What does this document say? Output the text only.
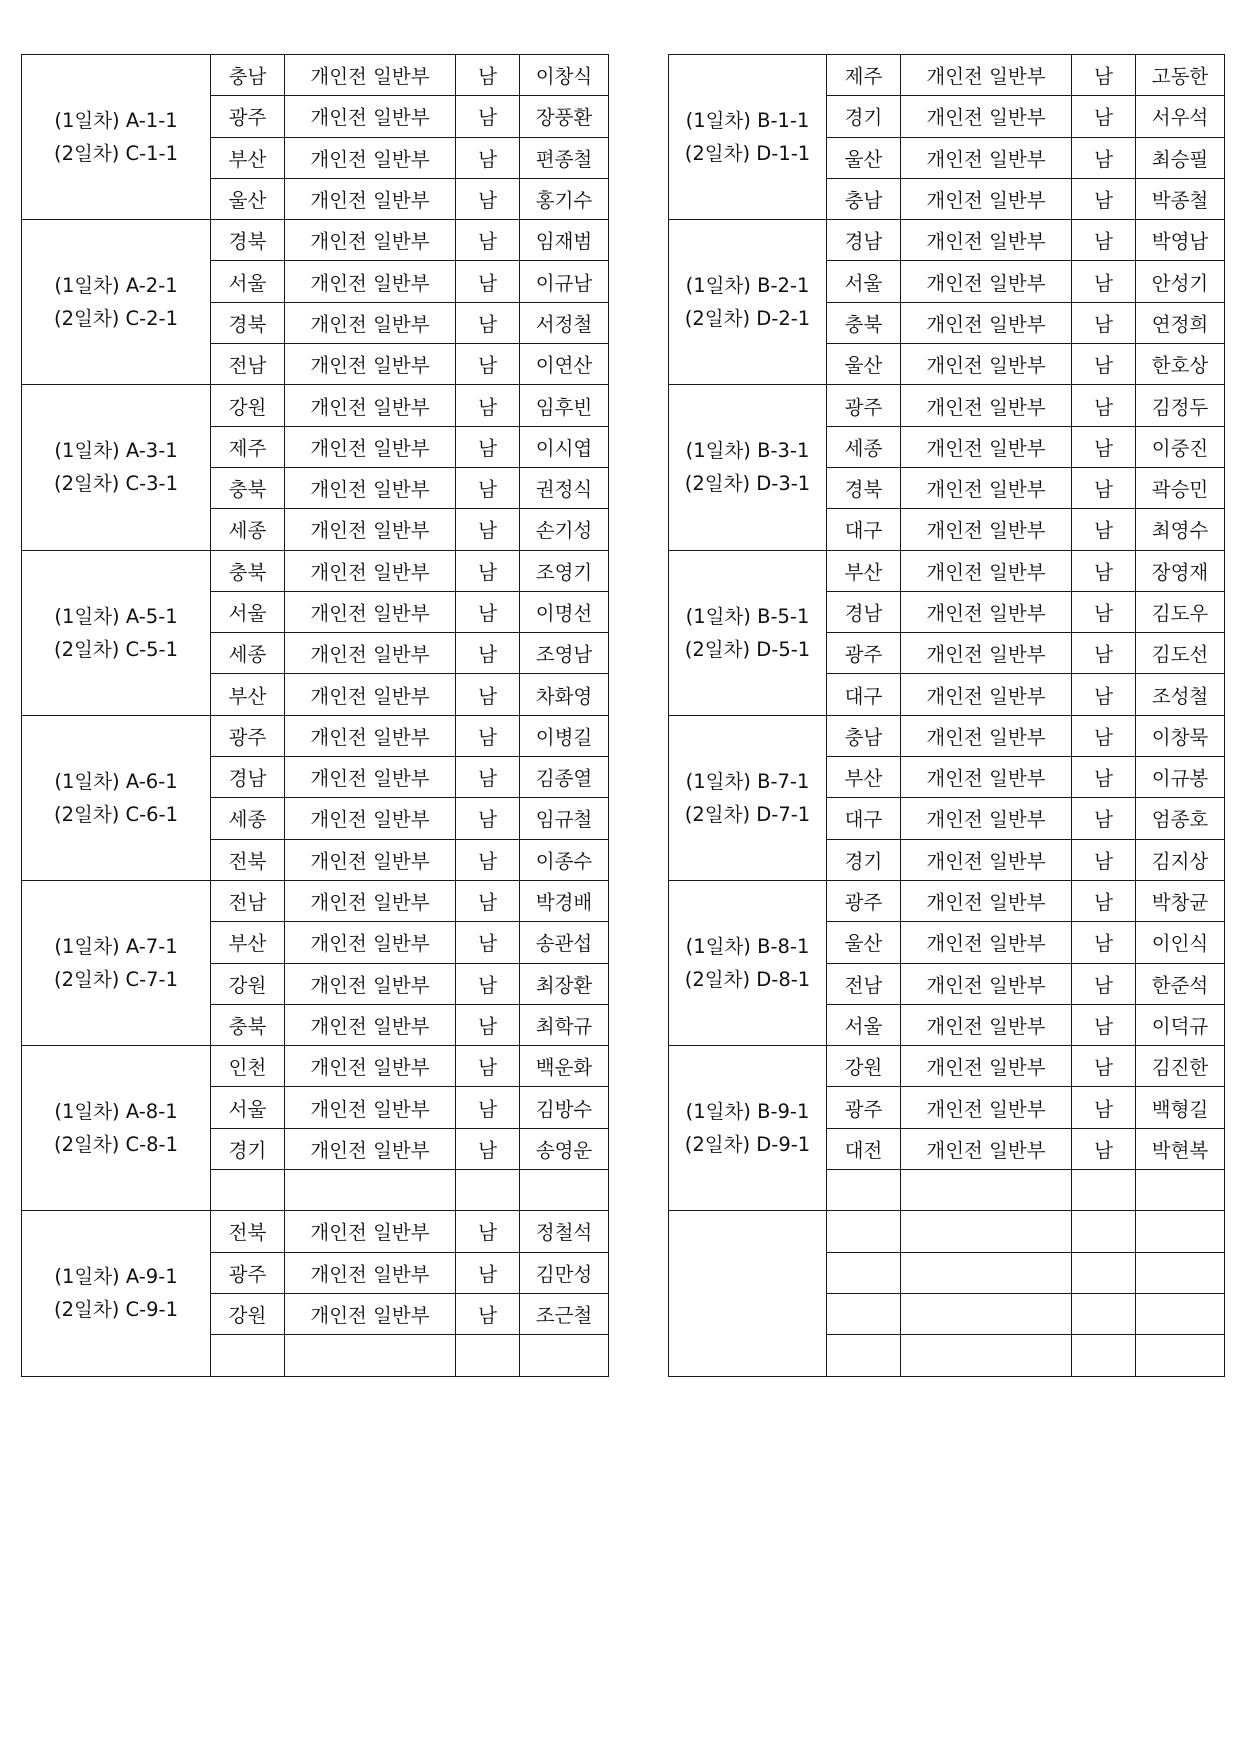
(1일차) A-1-1
(2일차) C-1-1	충남	개인전 일반부	남	이창식
	광주	개인전 일반부	남	장풍환
	부산	개인전 일반부	남	편종철
	울산	개인전 일반부	남	홍기수

(1일차) A-2-1
(2일차) C-2-1	경북	개인전 일반부	남	임재범
	서울	개인전 일반부	남	이규남
	경북	개인전 일반부	남	서정철
	전남	개인전 일반부	남	이연산

(1일차) A-3-1
(2일차) C-3-1	강원	개인전 일반부	남	임후빈
	제주	개인전 일반부	남	이시엽
	충북	개인전 일반부	남	권정식
	세종	개인전 일반부	남	손기성

(1일차) A-5-1
(2일차) C-5-1	충북	개인전 일반부	남	조영기
	서울	개인전 일반부	남	이명선
	세종	개인전 일반부	남	조영남
	부산	개인전 일반부	남	차화영

(1일차) A-6-1
(2일차) C-6-1	광주	개인전 일반부	남	이병길
	경남	개인전 일반부	남	김종열
	세종	개인전 일반부	남	임규철
	전북	개인전 일반부	남	이종수

(1일차) A-7-1
(2일차) C-7-1	전남	개인전 일반부	남	박경배
	부산	개인전 일반부	남	송관섭
	강원	개인전 일반부	남	최장환
	충북	개인전 일반부	남	최학규

(1일차) A-8-1
(2일차) C-8-1	인천	개인전 일반부	남	백운화
	서울	개인전 일반부	남	김방수
	경기	개인전 일반부	남	송영운

(1일차) A-9-1
(2일차) C-9-1	전북	개인전 일반부	남	정철석
	광주	개인전 일반부	남	김만성
	강원	개인전 일반부	남	조근철

(1일차) B-1-1
(2일차) D-1-1	제주	개인전 일반부	남	고동한
	경기	개인전 일반부	남	서우석
	울산	개인전 일반부	남	최승필
	충남	개인전 일반부	남	박종철

(1일차) B-2-1
(2일차) D-2-1	경남	개인전 일반부	남	박영남
	서울	개인전 일반부	남	안성기
	충북	개인전 일반부	남	연정희
	울산	개인전 일반부	남	한호상

(1일차) B-3-1
(2일차) D-3-1	광주	개인전 일반부	남	김정두
	세종	개인전 일반부	남	이중진
	경북	개인전 일반부	남	곽승민
	대구	개인전 일반부	남	최영수

(1일차) B-5-1
(2일차) D-5-1	부산	개인전 일반부	남	장영재
	경남	개인전 일반부	남	김도우
	광주	개인전 일반부	남	김도선
	대구	개인전 일반부	남	조성철

(1일차) B-7-1
(2일차) D-7-1	충남	개인전 일반부	남	이창묵
	부산	개인전 일반부	남	이규봉
	대구	개인전 일반부	남	엄종호
	경기	개인전 일반부	남	김지상

(1일차) B-8-1
(2일차) D-8-1	광주	개인전 일반부	남	박창균
	울산	개인전 일반부	남	이인식
	전남	개인전 일반부	남	한준석
	서울	개인전 일반부	남	이덕규

(1일차) B-9-1
(2일차) D-9-1	강원	개인전 일반부	남	김진한
	광주	개인전 일반부	남	백형길
	대전	개인전 일반부	남	박현복
